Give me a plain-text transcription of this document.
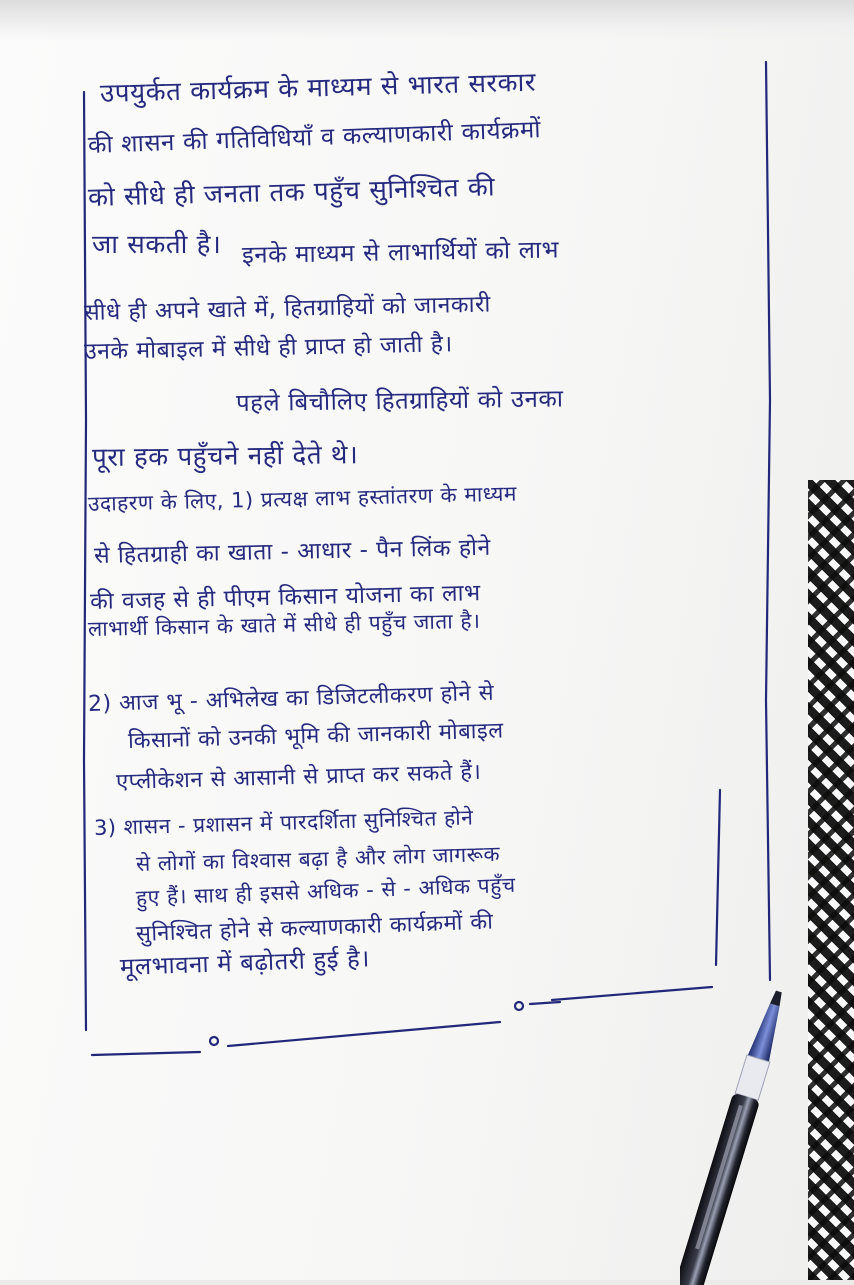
उपयुर्कत कार्यक्रम के माध्यम से भारत सरकार
की शासन की गतिविधियाँ व कल्याणकारी कार्यक्रमों
को सीधे ही जनता तक पहुँच सुनिश्चित की
जा सकती है। इनके माध्यम से लाभार्थियों को लाभ
सीधे ही अपने खाते में, हितग्राहियों को जानकारी
उनके मोबाइल में सीधे ही प्राप्त हो जाती है।
पहले बिचौलिए हितग्राहियों को उनका
पूरा हक पहुँचने नहीं देते थे।
उदाहरण के लिए, 1) प्रत्यक्ष लाभ हस्तांतरण के माध्यम
से हितग्राही का खाता - आधार - पैन लिंक होने
की वजह से ही पीएम किसान योजना का लाभ
लाभार्थी किसान के खाते में सीधे ही पहुँच जाता है।
2) आज भू - अभिलेख का डिजिटलीकरण होने से
किसानों को उनकी भूमि की जानकारी मोबाइल
एप्लीकेशन से आसानी से प्राप्त कर सकते हैं।
3) शासन - प्रशासन में पारदर्शिता सुनिश्चित होने
से लोगों का विश्वास बढ़ा है और लोग जागरूक
हुए हैं। साथ ही इससे अधिक - से - अधिक पहुँच
सुनिश्चित होने से कल्याणकारी कार्यक्रमों की
मूलभावना में बढ़ोतरी हुई है।
